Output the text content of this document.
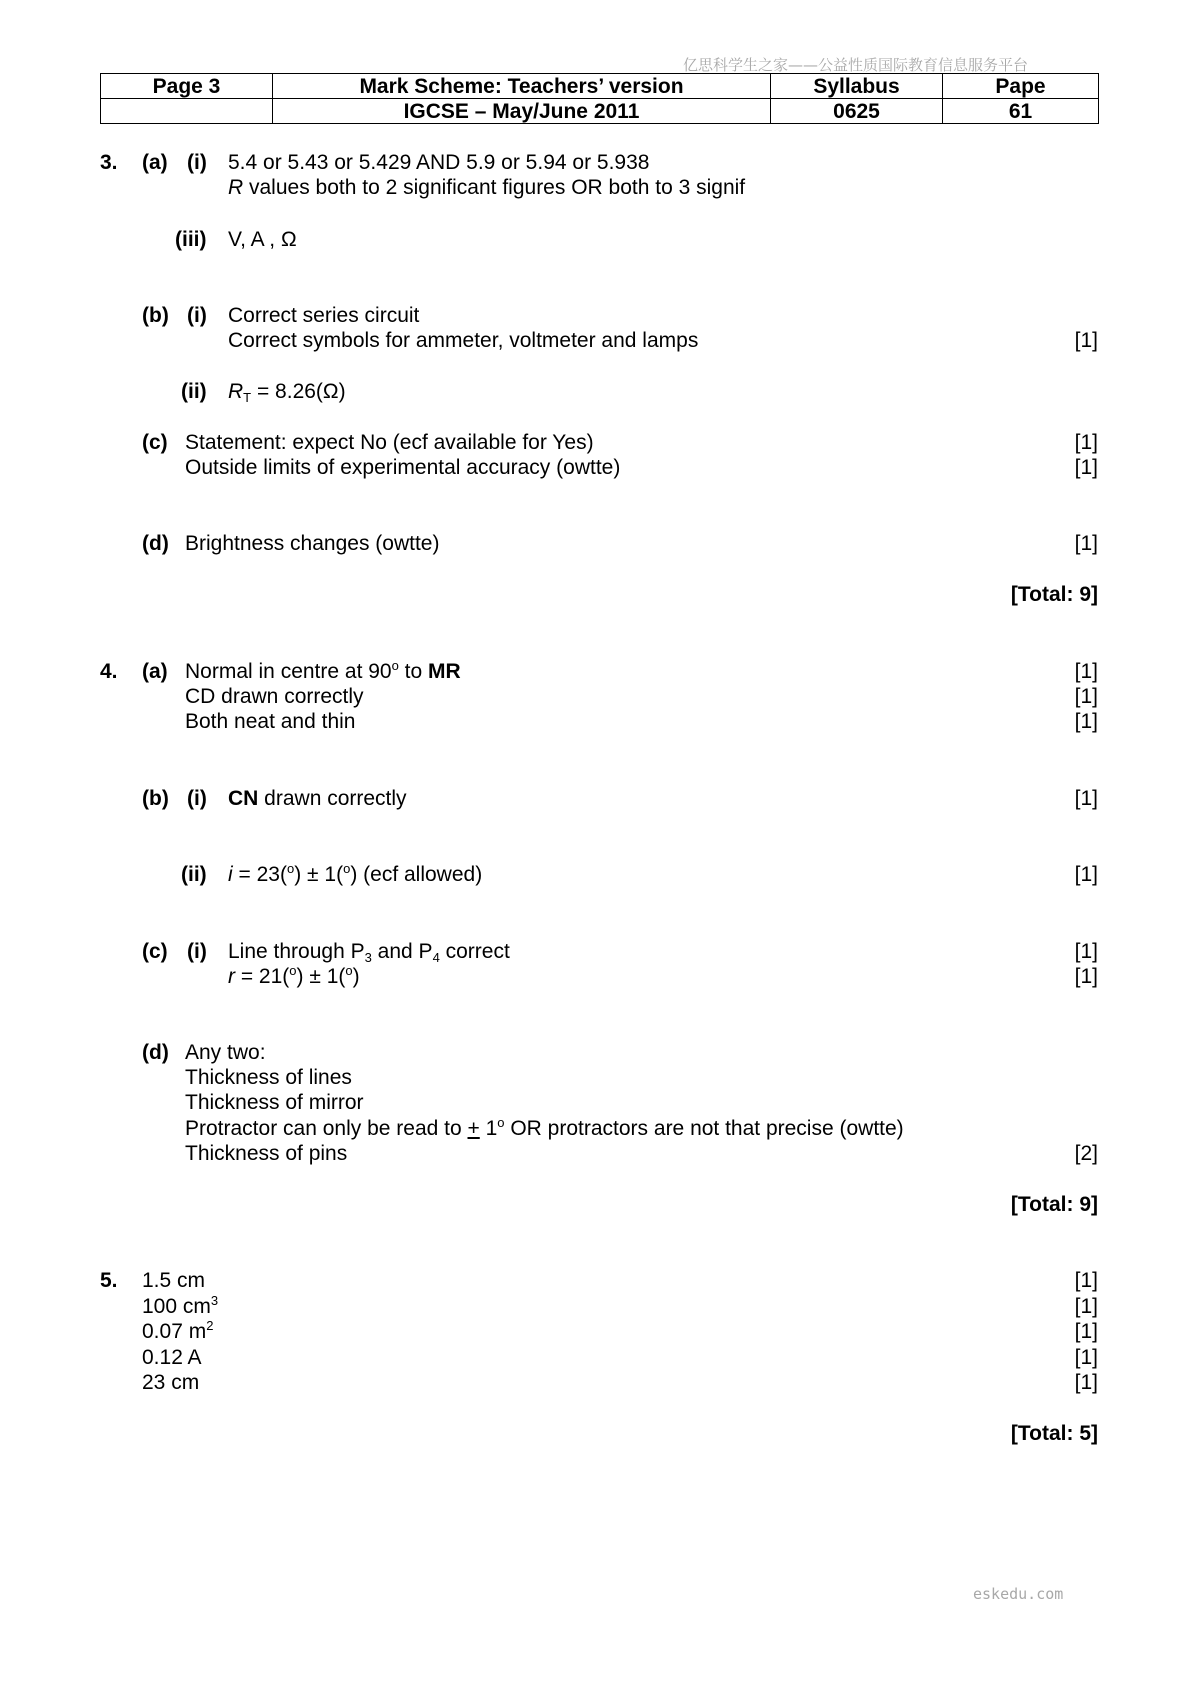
亿思科学生之家——公益性质国际教育信息服务平台
Page 3	Mark Scheme: Teachers’ version	Syllabus	Pape
	IGCSE – May/June 2011	0625	61
3. (a) (i) 5.4 or 5.43 or 5.429 AND 5.9 or 5.94 or 5.938
R values both to 2 significant figures OR both to 3 signif
(iii) V, A , Ω
(b) (i) Correct series circuit
Correct symbols for ammeter, voltmeter and lamps	[1]
(ii) $R_T = 8.26(\Omega)$
(c) Statement: expect No (ecf available for Yes)	[1]
Outside limits of experimental accuracy (owtte)	[1]
(d) Brightness changes (owtte)	[1]
[Total: 9]
4. (a) Normal in centre at 90$^o$ to MR	[1]
CD drawn correctly	[1]
Both neat and thin	[1]
(b) (i) CN drawn correctly	[1]
(ii) i = 23($^o$) ± 1($^o$) (ecf allowed)	[1]
(c) (i) Line through $P_3$ and $P_4$ correct	[1]
r = 21($^o$) ± 1($^o$)	[1]
(d) Any two:
Thickness of lines
Thickness of mirror
Protractor can only be read to + $1^o$ OR protractors are not that precise (owtte)
Thickness of pins	[2]
[Total: 9]
5. 1.5 cm	[1]
100 $cm^3$	[1]
0.07 $m^2$	[1]
0.12 A	[1]
23 cm	[1]
[Total: 5]
eskedu.com
